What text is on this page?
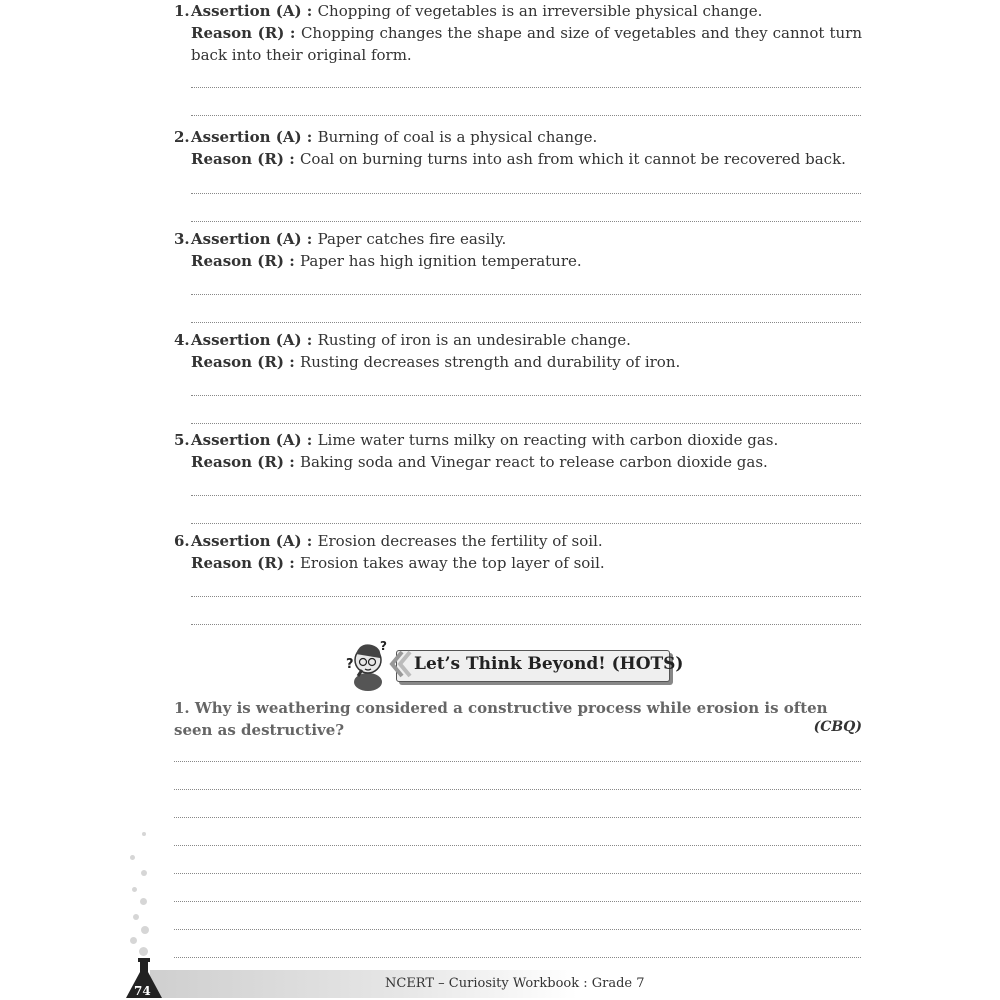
1. Assertion (A) : Chopping of vegetables is an irreversible physical change.
Reason (R) : Chopping changes the shape and size of vegetables and they cannot turn back into their original form.
2. Assertion (A) : Burning of coal is a physical change.
Reason (R) : Coal on burning turns into ash from which it cannot be recovered back.
3. Assertion (A) : Paper catches fire easily.
Reason (R) : Paper has high ignition temperature.
4. Assertion (A) : Rusting of iron is an undesirable change.
Reason (R) : Rusting decreases strength and durability of iron.
5. Assertion (A) : Lime water turns milky on reacting with carbon dioxide gas.
Reason (R) : Baking soda and Vinegar react to release carbon dioxide gas.
6. Assertion (A) : Erosion decreases the fertility of soil.
Reason (R) : Erosion takes away the top layer of soil.
?
?
Let’s Think Beyond! (HOTS)
1. Why is weathering considered a constructive process while erosion is often seen as destructive?	(CBQ)
74	NCERT – Curiosity Workbook : Grade 7
